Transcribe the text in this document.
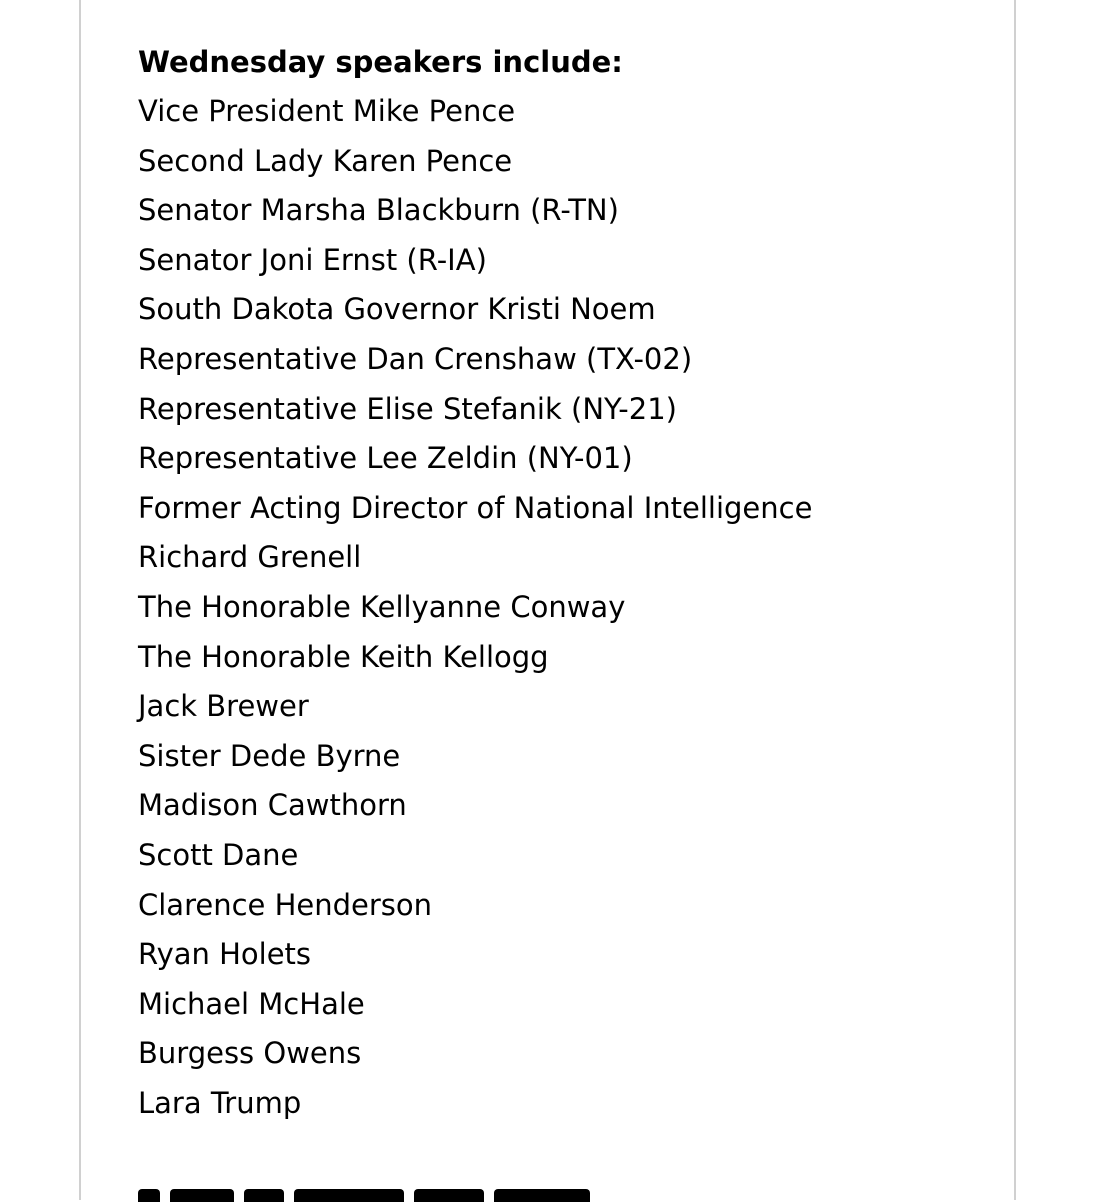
Wednesday speakers include:

Vice President Mike Pence
Second Lady Karen Pence
Senator Marsha Blackburn (R-TN)
Senator Joni Ernst (R-IA)
South Dakota Governor Kristi Noem
Representative Dan Crenshaw (TX-02)
Representative Elise Stefanik (NY-21)
Representative Lee Zeldin (NY-01)
Former Acting Director of National Intelligence
Richard Grenell
The Honorable Kellyanne Conway
The Honorable Keith Kellogg
Jack Brewer
Sister Dede Byrne
Madison Cawthorn
Scott Dane
Clarence Henderson
Ryan Holets
Michael McHale
Burgess Owens
Lara Trump
